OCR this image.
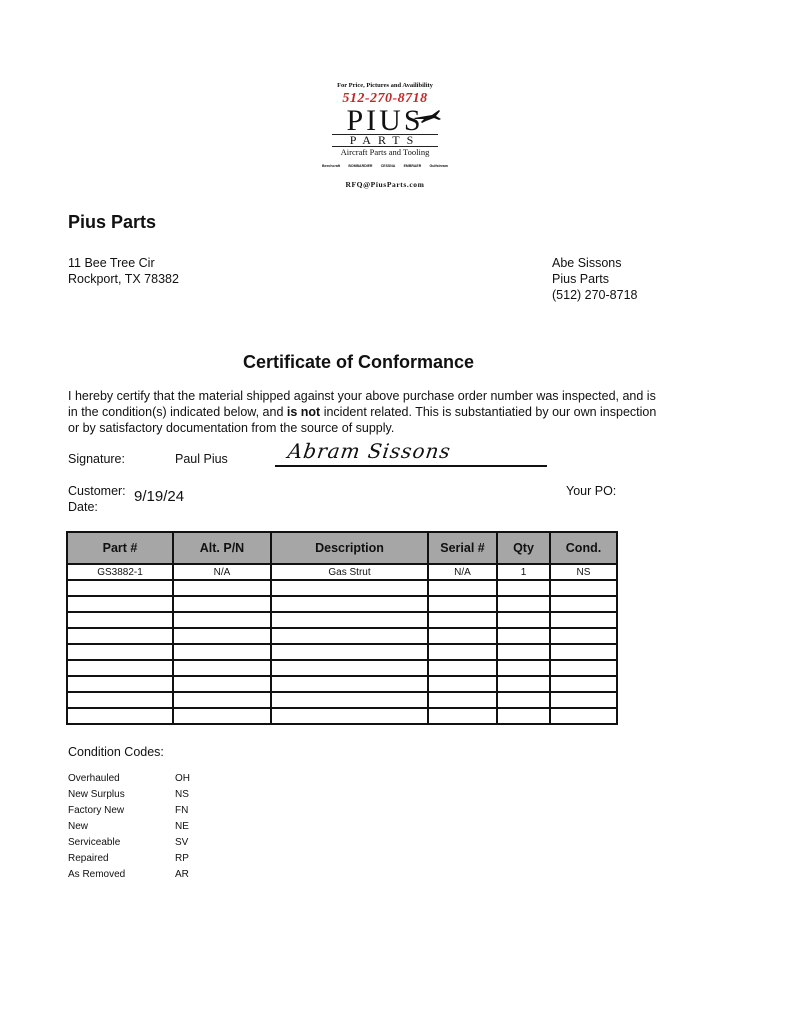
For Price, Pictures and Availibility
512-270-8718
PIUS
PARTS
Aircraft Parts and Tooling
Beechcraft BOMBARDIER CESSNA EMBRAER Gulfstream
RFQ@PiusParts.com
Pius Parts
11 Bee Tree Cir
Rockport, TX 78382
Abe Sissons
Pius Parts
(512) 270-8718
Certificate of Conformance
I hereby certify that the material shipped against your above purchase order number was inspected, and is in the condition(s) indicated below, and is not incident related. This is substantiatied by our own inspection or by satisfactory documentation from the source of supply.
Signature:	Paul Pius	Abram Sissons
Customer:
Date:
9/19/24	Your PO:
Part #	Alt. P/N	Description	Serial #	Qty	Cond.
GS3882-1	N/A	Gas Strut	N/A	1	NS

Condition Codes:
Overhauled	OH
New Surplus	NS
Factory New	FN
New	NE
Serviceable	SV
Repaired	RP
As Removed	AR
